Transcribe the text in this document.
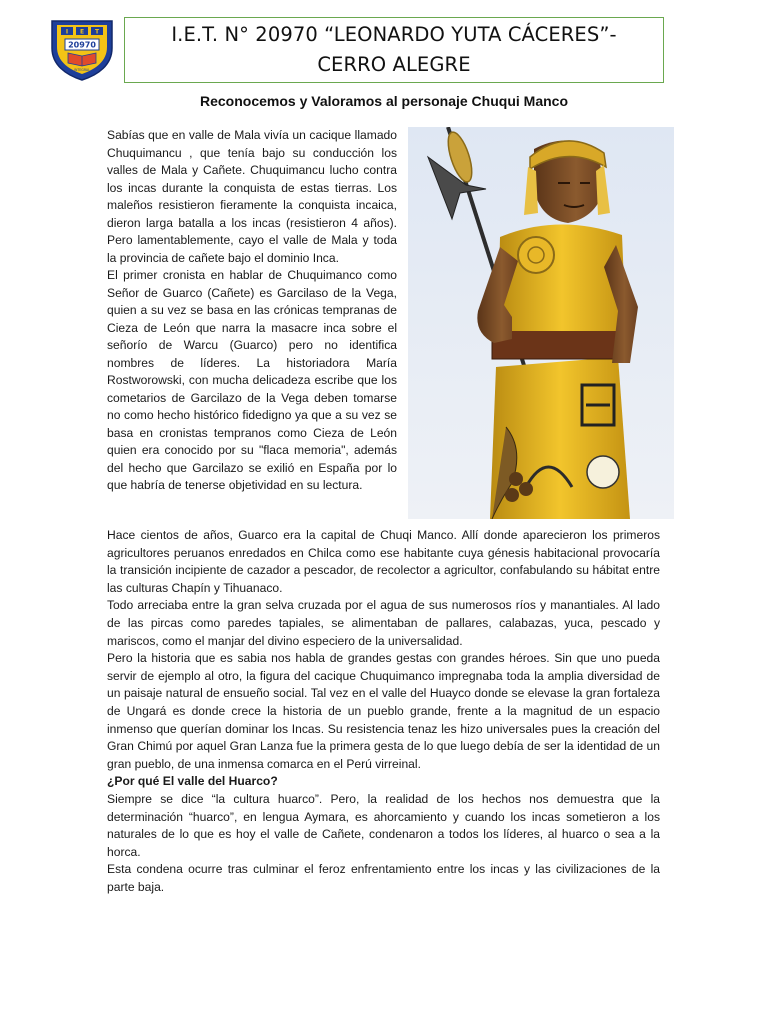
I E T
20970
INTEGRAL
I.E.T. N° 20970 “LEONARDO YUTA CÁCERES”-CERRO ALEGRE
Reconocemos y Valoramos al personaje Chuqui Manco

Sabías que en valle de Mala vivía un cacique llamado Chuquimancu , que tenía bajo su conducción los valles de Mala y Cañete. Chuquimancu lucho contra los incas durante la conquista de estas tierras. Los maleños resistieron fieramente la conquista incaica, dieron larga batalla a los incas (resistieron 4 años). Pero lamentablemente, cayo el valle de Mala y toda la provincia de cañete bajo el dominio Inca.

El primer cronista en hablar de Chuquimanco como Señor de Guarco (Cañete) es Garcilaso de la Vega, quien a su vez se basa en las crónicas tempranas de Cieza de León que narra la masacre inca sobre el señorío de Warcu (Guarco) pero no identifica nombres de líderes. La historiadora María Rostworowski, con mucha delicadeza escribe que los cometarios de Garcilazo de la Vega deben tomarse no como hecho histórico fidedigno ya que a su vez se basa en cronistas tempranos como Cieza de León quien era conocido por su "flaca memoria", además del hecho que Garcilazo se exilió en España por lo que habría de tenerse objetividad en su lectura.

Hace cientos de años, Guarco era la capital de Chuqi Manco. Allí donde aparecieron los primeros agricultores peruanos enredados en Chilca como ese habitante cuya génesis habitacional provocaría la transición incipiente de cazador a pescador, de recolector a agricultor, confabulando su hábitat entre las culturas Chapín y Tihuanaco.

Todo arreciaba entre la gran selva cruzada por el agua de sus numerosos ríos y manantiales. Al lado de las pircas como paredes tapiales, se alimentaban de pallares, calabazas, yuca, pescado y mariscos, como el manjar del divino especiero de la universalidad.

Pero la historia que es sabia nos habla de grandes gestas con grandes héroes. Sin que uno pueda servir de ejemplo al otro, la figura del cacique Chuquimanco impregnaba toda la amplia diversidad de un paisaje natural de ensueño social. Tal vez en el valle del Huayco donde se elevase la gran fortaleza de Ungará es donde crece la historia de un pueblo grande, frente a la magnitud de un espacio inmenso que querían dominar los Incas. Su resistencia tenaz les hizo universales pues la creación del Gran Chimú por aquel Gran Lanza fue la primera gesta de lo que luego debía de ser la identidad de un gran pueblo, de una inmensa comarca en el Perú virreinal.

¿Por qué El valle del Huarco?

Siempre se dice “la cultura huarco”. Pero, la realidad de los hechos nos demuestra que la determinación “huarco”, en lengua Aymara, es ahorcamiento y cuando los incas sometieron a los naturales de lo que es hoy el valle de Cañete, condenaron a todos los líderes, al huarco o sea a la horca.

Esta condena ocurre tras culminar el feroz enfrentamiento entre los incas y las civilizaciones de la parte baja.
